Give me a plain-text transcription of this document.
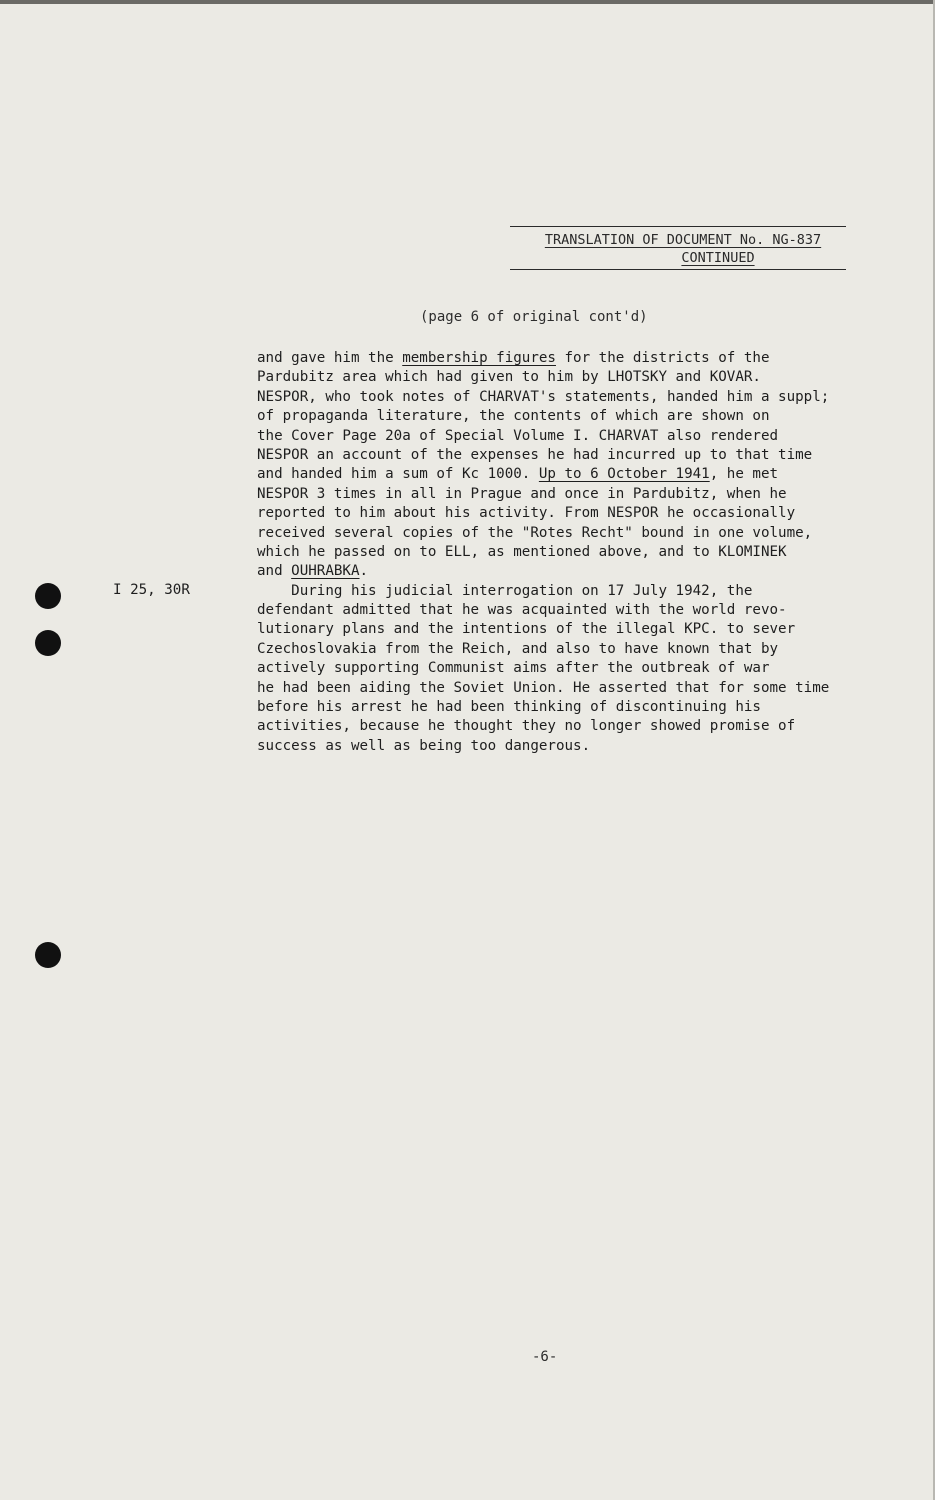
TRANSLATION OF DOCUMENT No. NG-837
CONTINUED
(page 6 of original cont'd)
I 25, 30R
and gave him the membership figures for the districts of the
Pardubitz area which had given to him by LHOTSKY and KOVAR.
NESPOR, who took notes of CHARVAT's statements, handed him a suppl;
of propaganda literature, the contents of which are shown on
the Cover Page 20a of Special Volume I. CHARVAT also rendered
NESPOR an account of the expenses he had incurred up to that time
and handed him a sum of Kc 1000. Up to 6 October 1941, he met
NESPOR 3 times in all in Prague and once in Pardubitz, when he
reported to him about his activity. From NESPOR he occasionally
received several copies of the "Rotes Recht" bound in one volume,
which he passed on to ELL, as mentioned above, and to KLOMINEK
and OUHRABKA.
During his judicial interrogation on 17 July 1942, the
defendant admitted that he was acquainted with the world revo-
lutionary plans and the intentions of the illegal KPC. to sever
Czechoslovakia from the Reich, and also to have known that by
actively supporting Communist aims after the outbreak of war
he had been aiding the Soviet Union. He asserted that for some time
before his arrest he had been thinking of discontinuing his
activities, because he thought they no longer showed promise of
success as well as being too dangerous.
-6-
